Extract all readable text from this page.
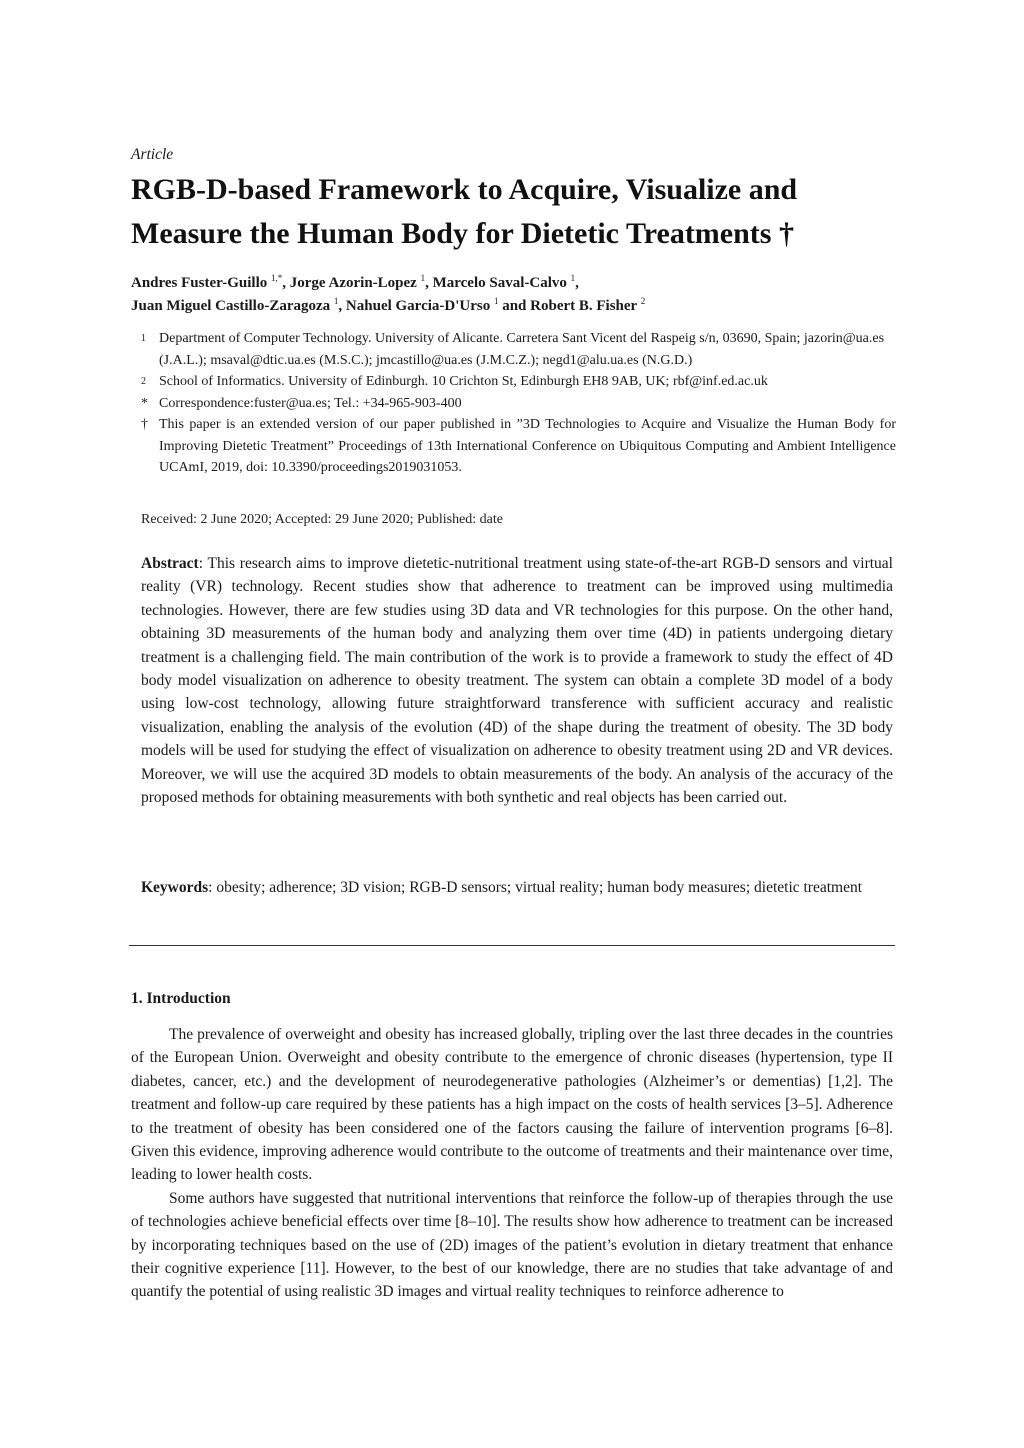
Article
RGB-D-based Framework to Acquire, Visualize and
Measure the Human Body for Dietetic Treatments †
Andres Fuster-Guillo $^{1,*}$, Jorge Azorin-Lopez $^1$, Marcelo Saval-Calvo $^1$,
Juan Miguel Castillo-Zaragoza $^1$, Nahuel Garcia-D'Urso $^1$ and Robert B. Fisher $^2$
1 Department of Computer Technology. University of Alicante. Carretera Sant Vicent del Raspeig s/n, 03690, Spain; jazorin@ua.es (J.A.L.); msaval@dtic.ua.es (M.S.C.); jmcastillo@ua.es (J.M.C.Z.); negd1@alu.ua.es (N.G.D.)
2 School of Informatics. University of Edinburgh. 10 Crichton St, Edinburgh EH8 9AB, UK; rbf@inf.ed.ac.uk
* Correspondence:fuster@ua.es; Tel.: +34-965-903-400
† This paper is an extended version of our paper published in ”3D Technologies to Acquire and Visualize the Human Body for Improving Dietetic Treatment” Proceedings of 13th International Conference on Ubiquitous Computing and Ambient Intelligence UCAmI, 2019, doi: 10.3390/proceedings2019031053.
Received: 2 June 2020; Accepted: 29 June 2020; Published: date
Abstract: This research aims to improve dietetic-nutritional treatment using state-of-the-art RGB-D sensors and virtual reality (VR) technology. Recent studies show that adherence to treatment can be improved using multimedia technologies. However, there are few studies using 3D data and VR technologies for this purpose. On the other hand, obtaining 3D measurements of the human body and analyzing them over time (4D) in patients undergoing dietary treatment is a challenging field. The main contribution of the work is to provide a framework to study the effect of 4D body model visualization on adherence to obesity treatment. The system can obtain a complete 3D model of a body using low-cost technology, allowing future straightforward transference with sufficient accuracy and realistic visualization, enabling the analysis of the evolution (4D) of the shape during the treatment of obesity. The 3D body models will be used for studying the effect of visualization on adherence to obesity treatment using 2D and VR devices. Moreover, we will use the acquired 3D models to obtain measurements of the body. An analysis of the accuracy of the proposed methods for obtaining measurements with both synthetic and real objects has been carried out.
Keywords: obesity; adherence; 3D vision; RGB-D sensors; virtual reality; human body measures; dietetic treatment
1. Introduction

The prevalence of overweight and obesity has increased globally, tripling over the last three decades in the countries of the European Union. Overweight and obesity contribute to the emergence of chronic diseases (hypertension, type II diabetes, cancer, etc.) and the development of neurodegenerative pathologies (Alzheimer’s or dementias) [1,2]. The treatment and follow-up care required by these patients has a high impact on the costs of health services [3–5]. Adherence to the treatment of obesity has been considered one of the factors causing the failure of intervention programs [6–8]. Given this evidence, improving adherence would contribute to the outcome of treatments and their maintenance over time, leading to lower health costs.

Some authors have suggested that nutritional interventions that reinforce the follow-up of therapies through the use of technologies achieve beneficial effects over time [8–10]. The results show how adherence to treatment can be increased by incorporating techniques based on the use of (2D) images of the patient’s evolution in dietary treatment that enhance their cognitive experience [11]. However, to the best of our knowledge, there are no studies that take advantage of and quantify the potential of using realistic 3D images and virtual reality techniques to reinforce adherence to
